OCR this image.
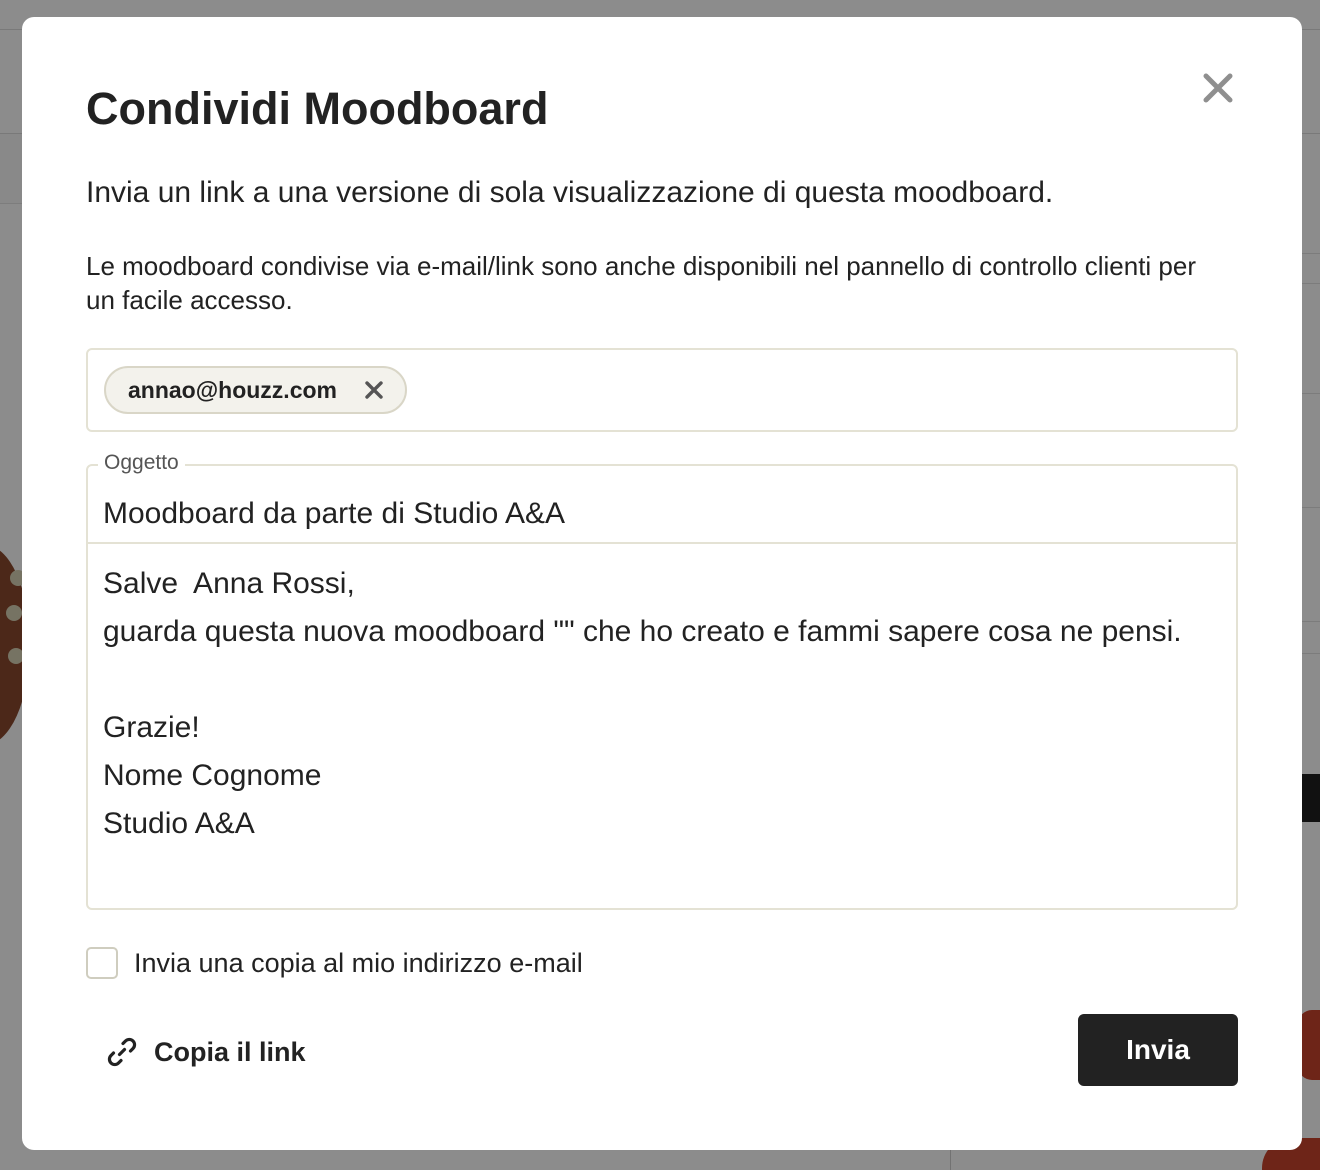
Condividi Moodboard

Invia un link a una versione di sola visualizzazione di questa moodboard.

Le moodboard condivise via e-mail/link sono anche disponibili nel pannello di controllo clienti per un facile accesso.

annao@houzz.com
Moodboard da parte di Studio A&A
Oggetto
Salve  Anna Rossi,
guarda questa nuova moodboard "" che ho creato e fammi sapere cosa ne pensi.
Grazie!
Nome Cognome
Studio A&A
Invia una copia al mio indirizzo e-mail
Copia il link	Invia
